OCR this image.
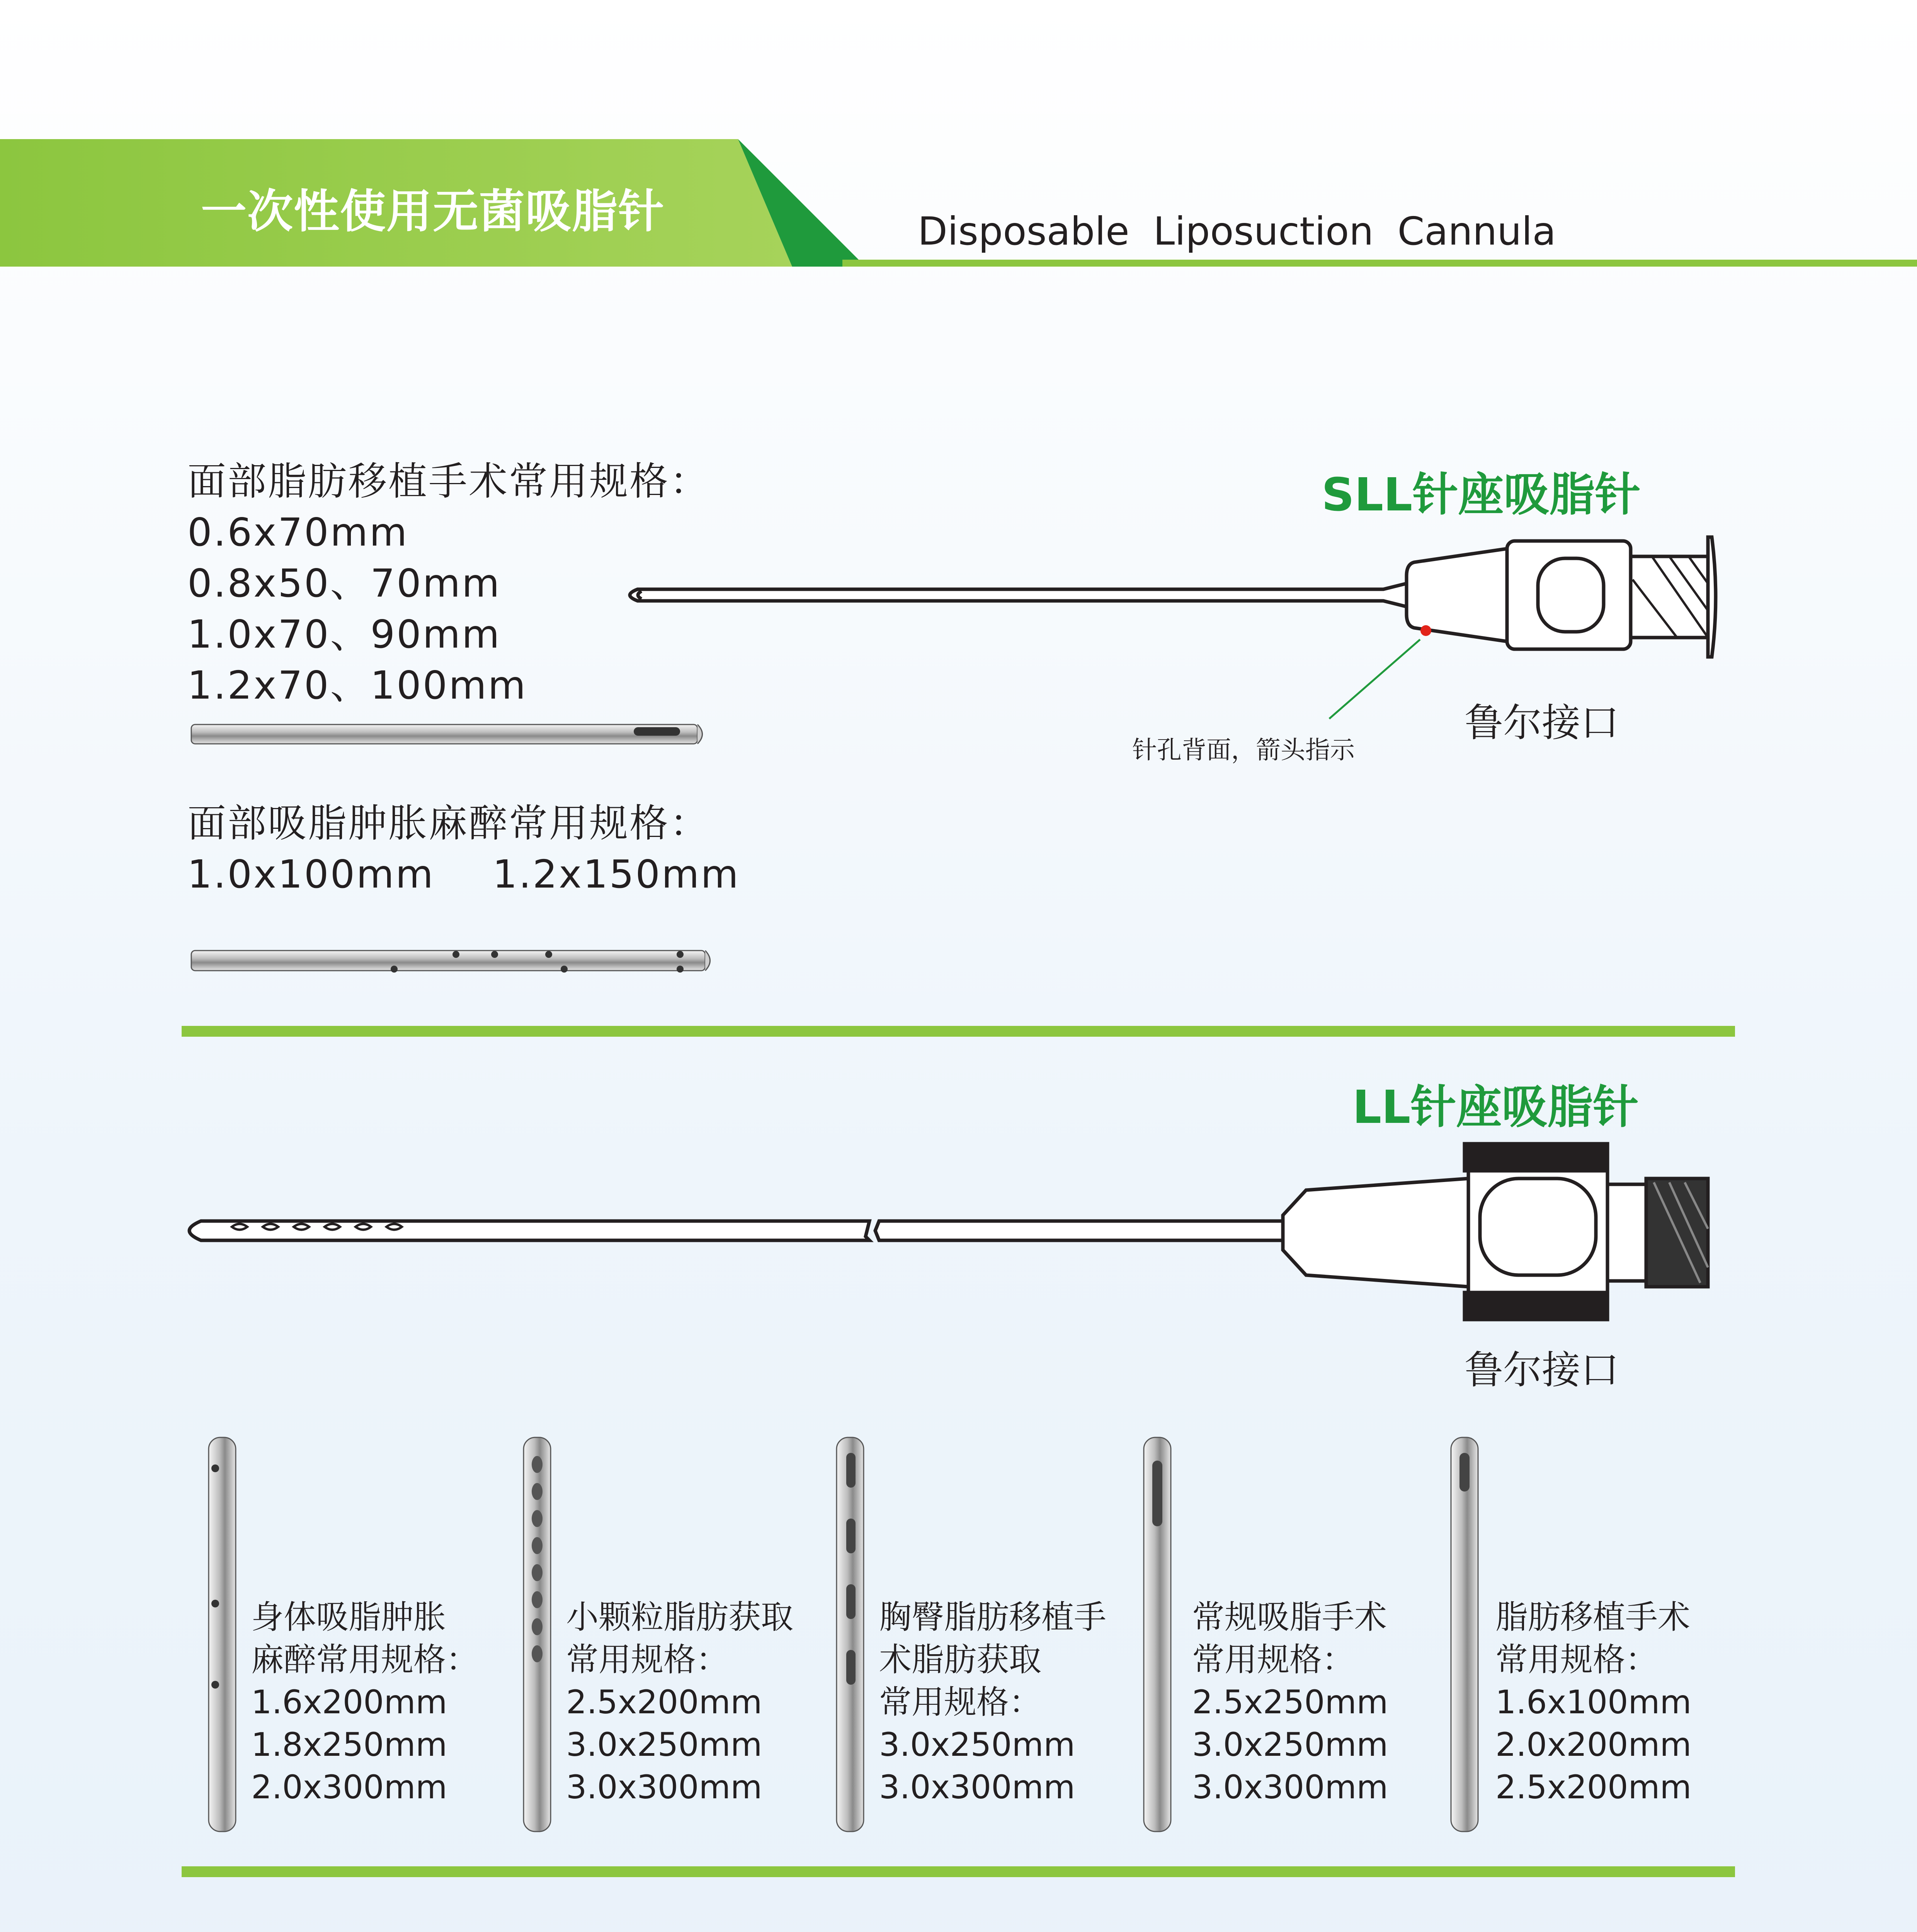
一次性使用无菌吸脂针	Disposable Liposuction Cannula
SLL针座吸脂针
面部脂肪移植手术常用规格：
0.6x70mm
0.8x50、70mm
1.0x70、90mm
1.2x70、100mm
针孔背面，箭头指示
鲁尔接口
面部吸脂肿胀麻醉常用规格：
1.0x100mm 1.2x150mm
LL针座吸脂针
鲁尔接口
身体吸脂肿胀
麻醉常用规格：
1.6x200mm
1.8x250mm
2.0x300mm
小颗粒脂肪获取
常用规格：
2.5x200mm
3.0x250mm
3.0x300mm
胸臀脂肪移植手
术脂肪获取
常用规格：
3.0x250mm
3.0x300mm
常规吸脂手术
常用规格：
2.5x250mm
3.0x250mm
3.0x300mm
脂肪移植手术
常用规格：
1.6x100mm
2.0x200mm
2.5x200mm
